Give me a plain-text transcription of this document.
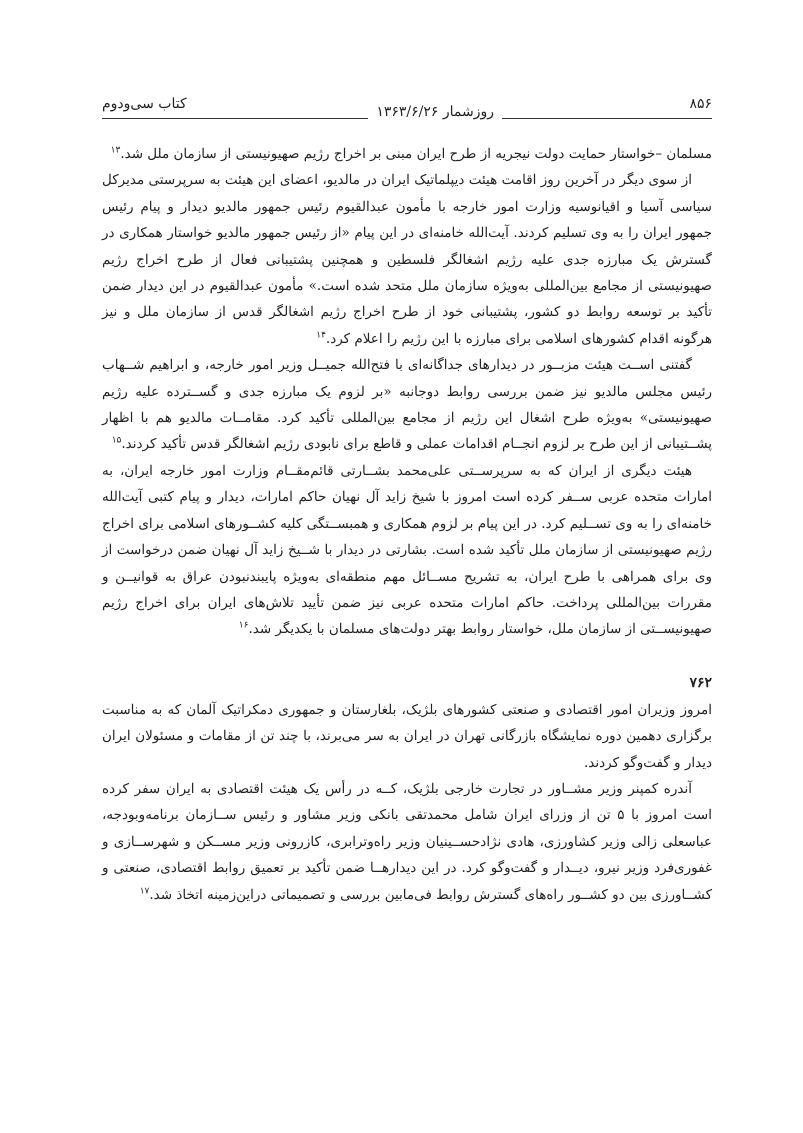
۸۵۶
روزشمار ۱۳۶۳/۶/۲۶
کتاب سی‌ودوم

مسلمان –خواستار حمایت دولت نیجریه از طرح ایران مبنی بر اخراج رژیم صهیونیستی از سازمان ملل شد.$^{۱۳}$

از سوی دیگر در آخرین روز اقامت هیئت دیپلماتیک ایران در مالدیو، اعضای این هیئت به سرپرستی مدیرکل سیاسی آسیا و اقیانوسیه وزارت امور خارجه با مأمون عبدالقیوم رئیس جمهور مالدیو دیدار و پیام رئیس جمهور ایران را به وی تسلیم کردند. آیت‌الله خامنه‌ای در این پیام «از رئیس جمهور مالدیو خواستار همکاری در گسترش یک مبارزه جدی علیه رژیم اشغالگر فلسطین و همچنین پشتیبانی فعال از طرح اخراج رژیم صهیونیستی از مجامع بین‌المللی به‌ویژه سازمان ملل متحد شده است.» مأمون عبدالقیوم در این دیدار ضمن تأکید بر توسعه روابط دو کشور، پشتیبانی خود از طرح اخراج رژیم اشغالگر قدس از سازمان ملل و نیز هرگونه اقدام کشورهای اسلامی برای مبارزه با این رژیم را اعلام کرد.$^{۱۴}$

گفتنی اســت هیئت مزبــور در دیدارهای جداگانه‌ای با فتح‌الله جمیــل وزیر امور خارجه، و ابراهیم شــهاب رئیس مجلس مالدیو نیز ضمن بررسی روابط دوجانبه «بر لزوم یک مبارزه جدی و گســترده علیه رژیم صهیونیستی» به‌ویژه طرح اشغال این رژیم از مجامع بین‌المللی تأکید کرد. مقامــات مالدیو هم با اظهار پشــتیبانی از این طرح بر لزوم انجــام اقدامات عملی و قاطع برای نابودی رژیم اشغالگر قدس تأکید کردند.$^{۱۵}$

هیئت دیگری از ایران که به سرپرســتی علی‌محمد بشــارتی قائم‌مقــام وزارت امور خارجه ایران، به امارات متحده عربی ســفر کرده است امروز با شیخ زاید آل نهیان حاکم امارات، دیدار و پیام کتبی آیت‌الله خامنه‌ای را به وی تســلیم کرد. در این پیام بر لزوم همکاری و همبســتگی کلیه کشــورهای اسلامی برای اخراج رژیم صهیونیستی از سازمان ملل تأکید شده است. بشارتی در دیدار با شــیخ زاید آل نهیان ضمن درخواست از وی برای همراهی با طرح ایران، به تشریح مســائل مهم منطقه‌ای به‌ویژه پایبندنبودن عراق به قوانیــن و مقررات بین‌المللی پرداخت. حاکم امارات متحده عربی نیز ضمن تأیید تلاش‌های ایران برای اخراج رژیم صهیونیســتی از سازمان ملل، خواستار روابط بهتر دولت‌های مسلمان با یکدیگر شد.$^{۱۶}$

۷۶۲

امروز وزیران امور اقتصادی و صنعتی کشورهای بلژیک، بلغارستان و جمهوری دمکراتیک آلمان که به مناسبت برگزاری دهمین دوره نمایشگاه بازرگانی تهران در ایران به سر می‌برند، با چند تن از مقامات و مسئولان ایران دیدار و گفت‌وگو کردند.

آندره کمپنر وزیر مشــاور در تجارت خارجی بلژیک، کــه در رأس یک هیئت اقتصادی به ایران سفر کرده است امروز با ۵ تن از وزرای ایران شامل محمدتقی بانکی وزیر مشاور و رئیس ســازمان برنامه‌وبودجه، عباسعلی زالی وزیر کشاورزی، هادی نژادحســینیان وزیر راه‌وترابری، کازرونی وزیر مســکن و شهرســازی و غفوری‌فرد وزیر نیرو، دیــدار و گفت‌وگو کرد. در این دیدارهــا ضمن تأکید بر تعمیق روابط اقتصادی، صنعتی و کشــاورزی بین دو کشــور راه‌های گسترش روابط فی‌مابین بررسی و تصمیماتی دراین‌زمینه اتخاذ شد.$^{۱۷}$
